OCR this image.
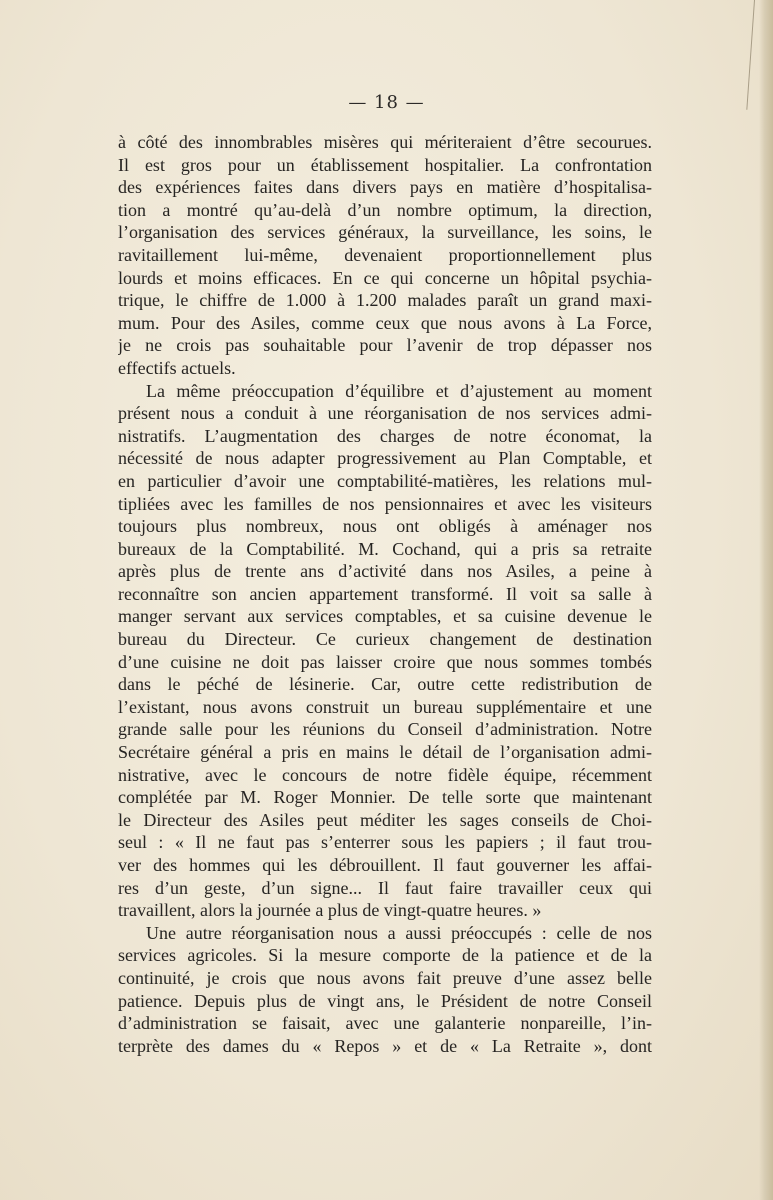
— 18 —
à côté des innombrables misères qui mériteraient d’être secourues.
Il est gros pour un établissement hospitalier. La confrontation
des expériences faites dans divers pays en matière d’hospitalisa-
tion a montré qu’au-delà d’un nombre optimum, la direction,
l’organisation des services généraux, la surveillance, les soins, le
ravitaillement lui-même, devenaient proportionnellement plus
lourds et moins efficaces. En ce qui concerne un hôpital psychia-
trique, le chiffre de 1.000 à 1.200 malades paraît un grand maxi-
mum. Pour des Asiles, comme ceux que nous avons à La Force,
je ne crois pas souhaitable pour l’avenir de trop dépasser nos
effectifs actuels.
La même préoccupation d’équilibre et d’ajustement au moment
présent nous a conduit à une réorganisation de nos services admi-
nistratifs. L’augmentation des charges de notre économat, la
nécessité de nous adapter progressivement au Plan Comptable, et
en particulier d’avoir une comptabilité-matières, les relations mul-
tipliées avec les familles de nos pensionnaires et avec les visiteurs
toujours plus nombreux, nous ont obligés à aménager nos
bureaux de la Comptabilité. M. Cochand, qui a pris sa retraite
après plus de trente ans d’activité dans nos Asiles, a peine à
reconnaître son ancien appartement transformé. Il voit sa salle à
manger servant aux services comptables, et sa cuisine devenue le
bureau du Directeur. Ce curieux changement de destination
d’une cuisine ne doit pas laisser croire que nous sommes tombés
dans le péché de lésinerie. Car, outre cette redistribution de
l’existant, nous avons construit un bureau supplémentaire et une
grande salle pour les réunions du Conseil d’administration. Notre
Secrétaire général a pris en mains le détail de l’organisation admi-
nistrative, avec le concours de notre fidèle équipe, récemment
complétée par M. Roger Monnier. De telle sorte que maintenant
le Directeur des Asiles peut méditer les sages conseils de Choi-
seul : « Il ne faut pas s’enterrer sous les papiers ; il faut trou-
ver des hommes qui les débrouillent. Il faut gouverner les affai-
res d’un geste, d’un signe... Il faut faire travailler ceux qui
travaillent, alors la journée a plus de vingt-quatre heures. »
Une autre réorganisation nous a aussi préoccupés : celle de nos
services agricoles. Si la mesure comporte de la patience et de la
continuité, je crois que nous avons fait preuve d’une assez belle
patience. Depuis plus de vingt ans, le Président de notre Conseil
d’administration se faisait, avec une galanterie nonpareille, l’in-
terprète des dames du « Repos » et de « La Retraite », dont
